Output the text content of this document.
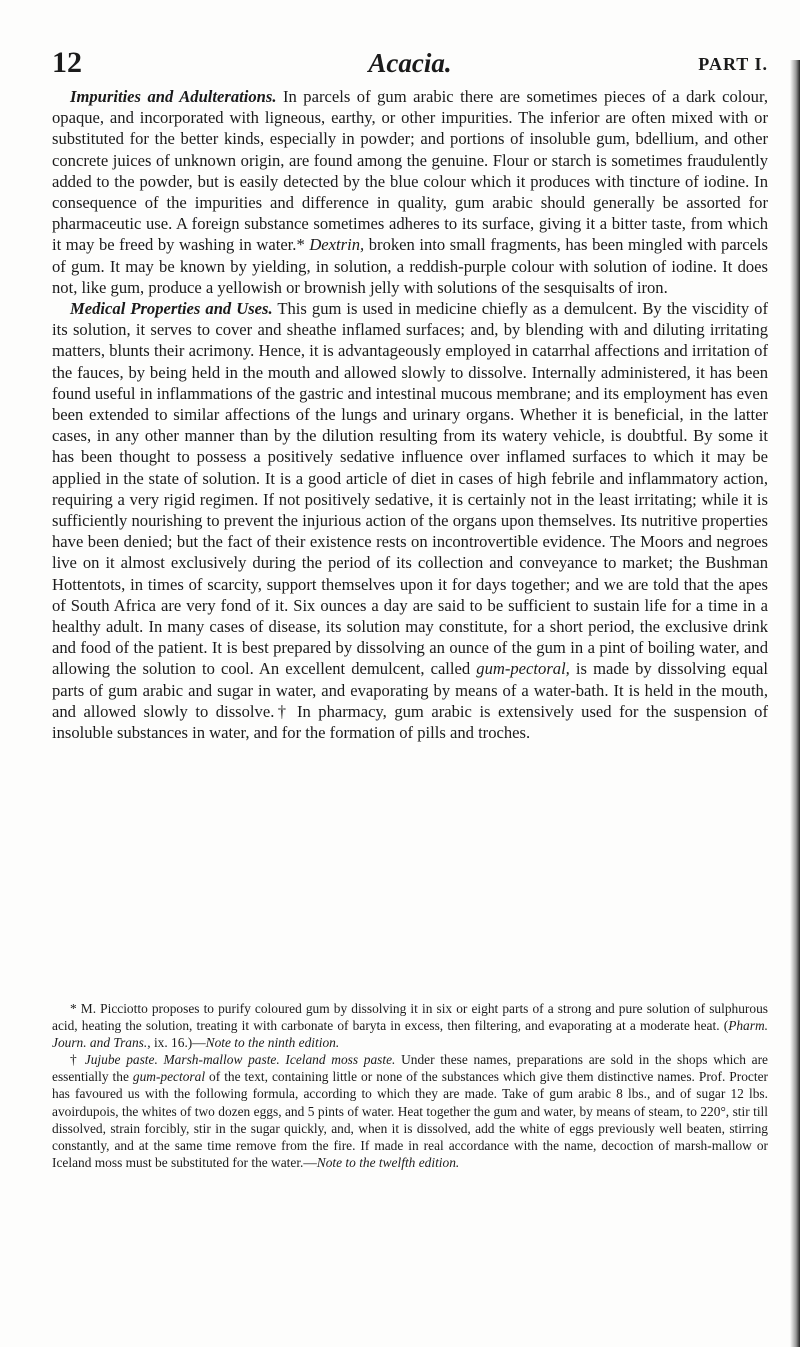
12	Acacia.	PART I.

Impurities and Adulterations. In parcels of gum arabic there are sometimes pieces of a dark colour, opaque, and incorporated with ligneous, earthy, or other impurities. The inferior are often mixed with or substituted for the better kinds, especially in powder; and portions of insoluble gum, bdellium, and other concrete juices of unknown origin, are found among the genuine. Flour or starch is sometimes fraudulently added to the powder, but is easily detected by the blue colour which it produces with tincture of iodine. In consequence of the impurities and difference in quality, gum arabic should generally be assorted for pharmaceutic use. A foreign substance sometimes adheres to its surface, giving it a bitter taste, from which it may be freed by washing in water.* Dextrin, broken into small fragments, has been mingled with parcels of gum. It may be known by yielding, in solution, a reddish-purple colour with solution of iodine. It does not, like gum, produce a yellowish or brownish jelly with solutions of the sesquisalts of iron.

Medical Properties and Uses. This gum is used in medicine chiefly as a demulcent. By the viscidity of its solution, it serves to cover and sheathe inflamed surfaces; and, by blending with and diluting irritating matters, blunts their acrimony. Hence, it is advantageously employed in catarrhal affections and irritation of the fauces, by being held in the mouth and allowed slowly to dissolve. Internally administered, it has been found useful in inflammations of the gastric and intestinal mucous membrane; and its employment has even been extended to similar affections of the lungs and urinary organs. Whether it is beneficial, in the latter cases, in any other manner than by the dilution resulting from its watery vehicle, is doubtful. By some it has been thought to possess a positively sedative influence over inflamed surfaces to which it may be applied in the state of solution. It is a good article of diet in cases of high febrile and inflammatory action, requiring a very rigid regimen. If not positively sedative, it is certainly not in the least irritating; while it is sufficiently nourishing to prevent the injurious action of the organs upon themselves. Its nutritive properties have been denied; but the fact of their existence rests on incontrovertible evidence. The Moors and negroes live on it almost exclusively during the period of its collection and conveyance to market; the Bushman Hottentots, in times of scarcity, support themselves upon it for days together; and we are told that the apes of South Africa are very fond of it. Six ounces a day are said to be sufficient to sustain life for a time in a healthy adult. In many cases of disease, its solution may constitute, for a short period, the exclusive drink and food of the patient. It is best prepared by dissolving an ounce of the gum in a pint of boiling water, and allowing the solution to cool. An excellent demulcent, called gum-pectoral, is made by dissolving equal parts of gum arabic and sugar in water, and evaporating by means of a water-bath. It is held in the mouth, and allowed slowly to dissolve.† In pharmacy, gum arabic is extensively used for the suspension of insoluble substances in water, and for the formation of pills and troches.

* M. Picciotto proposes to purify coloured gum by dissolving it in six or eight parts of a strong and pure solution of sulphurous acid, heating the solution, treating it with carbonate of baryta in excess, then filtering, and evaporating at a moderate heat. (Pharm. Journ. and Trans., ix. 16.)—Note to the ninth edition.

† Jujube paste. Marsh-mallow paste. Iceland moss paste. Under these names, preparations are sold in the shops which are essentially the gum-pectoral of the text, containing little or none of the substances which give them distinctive names. Prof. Procter has favoured us with the following formula, according to which they are made. Take of gum arabic 8 lbs., and of sugar 12 lbs. avoirdupois, the whites of two dozen eggs, and 5 pints of water. Heat together the gum and water, by means of steam, to 220°, stir till dissolved, strain forcibly, stir in the sugar quickly, and, when it is dissolved, add the white of eggs previously well beaten, stirring constantly, and at the same time remove from the fire. If made in real accordance with the name, decoction of marsh-mallow or Iceland moss must be substituted for the water.—Note to the twelfth edition.
